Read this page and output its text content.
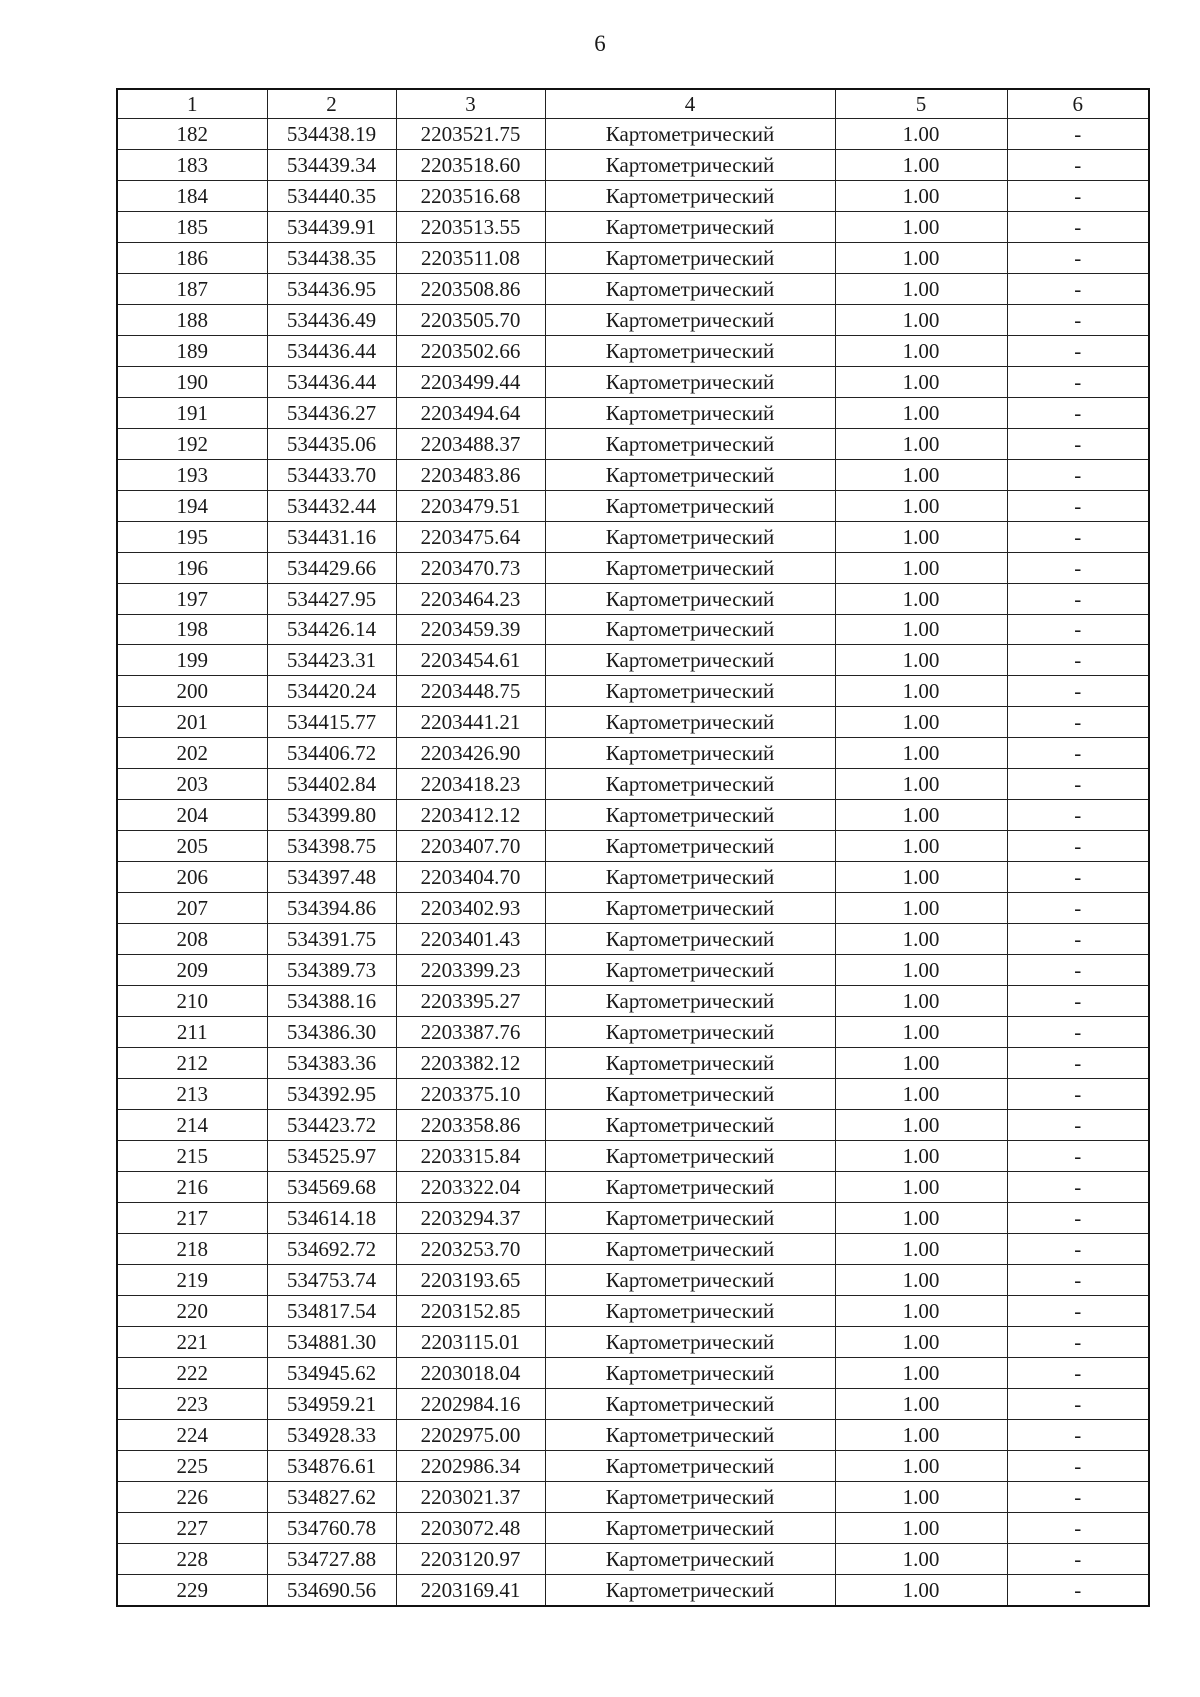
6
1	2	3	4	5	6
182	534438.19	2203521.75	Картометрический	1.00	-
183	534439.34	2203518.60	Картометрический	1.00	-
184	534440.35	2203516.68	Картометрический	1.00	-
185	534439.91	2203513.55	Картометрический	1.00	-
186	534438.35	2203511.08	Картометрический	1.00	-
187	534436.95	2203508.86	Картометрический	1.00	-
188	534436.49	2203505.70	Картометрический	1.00	-
189	534436.44	2203502.66	Картометрический	1.00	-
190	534436.44	2203499.44	Картометрический	1.00	-
191	534436.27	2203494.64	Картометрический	1.00	-
192	534435.06	2203488.37	Картометрический	1.00	-
193	534433.70	2203483.86	Картометрический	1.00	-
194	534432.44	2203479.51	Картометрический	1.00	-
195	534431.16	2203475.64	Картометрический	1.00	-
196	534429.66	2203470.73	Картометрический	1.00	-
197	534427.95	2203464.23	Картометрический	1.00	-
198	534426.14	2203459.39	Картометрический	1.00	-
199	534423.31	2203454.61	Картометрический	1.00	-
200	534420.24	2203448.75	Картометрический	1.00	-
201	534415.77	2203441.21	Картометрический	1.00	-
202	534406.72	2203426.90	Картометрический	1.00	-
203	534402.84	2203418.23	Картометрический	1.00	-
204	534399.80	2203412.12	Картометрический	1.00	-
205	534398.75	2203407.70	Картометрический	1.00	-
206	534397.48	2203404.70	Картометрический	1.00	-
207	534394.86	2203402.93	Картометрический	1.00	-
208	534391.75	2203401.43	Картометрический	1.00	-
209	534389.73	2203399.23	Картометрический	1.00	-
210	534388.16	2203395.27	Картометрический	1.00	-
211	534386.30	2203387.76	Картометрический	1.00	-
212	534383.36	2203382.12	Картометрический	1.00	-
213	534392.95	2203375.10	Картометрический	1.00	-
214	534423.72	2203358.86	Картометрический	1.00	-
215	534525.97	2203315.84	Картометрический	1.00	-
216	534569.68	2203322.04	Картометрический	1.00	-
217	534614.18	2203294.37	Картометрический	1.00	-
218	534692.72	2203253.70	Картометрический	1.00	-
219	534753.74	2203193.65	Картометрический	1.00	-
220	534817.54	2203152.85	Картометрический	1.00	-
221	534881.30	2203115.01	Картометрический	1.00	-
222	534945.62	2203018.04	Картометрический	1.00	-
223	534959.21	2202984.16	Картометрический	1.00	-
224	534928.33	2202975.00	Картометрический	1.00	-
225	534876.61	2202986.34	Картометрический	1.00	-
226	534827.62	2203021.37	Картометрический	1.00	-
227	534760.78	2203072.48	Картометрический	1.00	-
228	534727.88	2203120.97	Картометрический	1.00	-
229	534690.56	2203169.41	Картометрический	1.00	-
